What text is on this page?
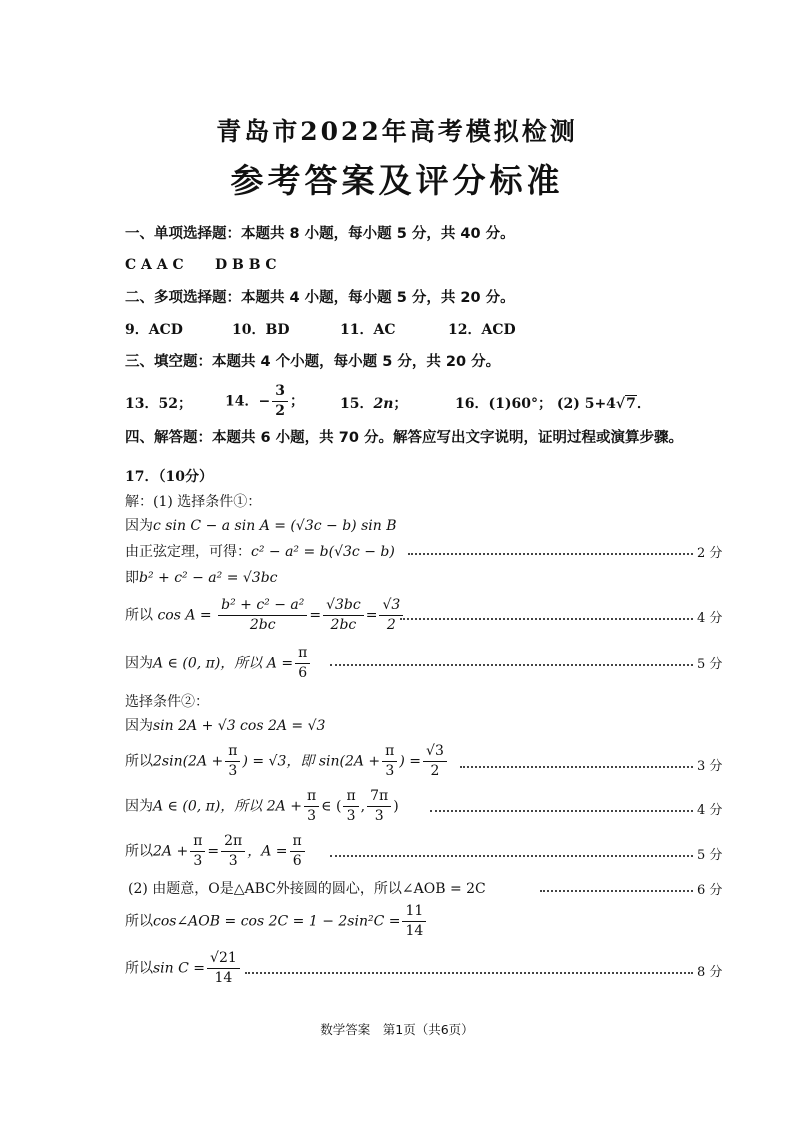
青岛市2022年高考模拟检测
参考答案及评分标准
一、单项选择题：本题共 8 小题，每小题 5 分，共 40 分。
C A A C D B B C
二、多项选择题：本题共 4 小题，每小题 5 分，共 20 分。
9．ACD	10．BD	11．AC	12．ACD
三、填空题：本题共 4 个小题，每小题 5 分，共 20 分。
13．52； 14．− $\frac{3}{2}$ ；	15．2n；	16．(1)60°； (2) 5+4√7．
四、解答题：本题共 6 小题，共 70 分。解答应写出文字说明，证明过程或演算步骤。
17．（10分）
解：(1) 选择条件①：
因为c sin C − a sin A = (√3c − b) sin B
由正弦定理，可得：c² − a² = b(√3c − b)	2 分
即b² + c² − a² = √3bc
所以 $\cos A = \frac{\text{b² + c² − a²}}{2bc} = \frac{√3bc}{2bc} = \frac{√3}{2}$	4 分
因为A ∈ (0, π)，所以 $A = \frac{\pi}{6}$	5 分
选择条件②：
因为sin 2A + √3 cos 2A = √3
所以$2\sin(2A + \frac{\pi}{3}$ ) = √3，即 $\sin(2A + \frac{\pi}{3}$ ) = $\frac{√3}{2}$	3 分
因为A ∈ (0, π)，所以 $2A + \frac{\pi}{3}$ ∈ ( $\frac{\pi}{3}$ , $\frac{7\pi}{3}$ )	4 分
所以$2A + \frac{\pi}{3} = \frac{2\pi}{3}$ ，$A = \frac{\pi}{6}$	5 分
(2) 由题意，O是△ABC外接圆的圆心，所以∠AOB = 2C	6 分
所以cos∠AOB = $\cos 2C = 1 - 2\sin^2C = \frac{11}{14}$
所以$\sin C = \frac{√21}{14}$	8 分
数学答案　第1页（共6页）
